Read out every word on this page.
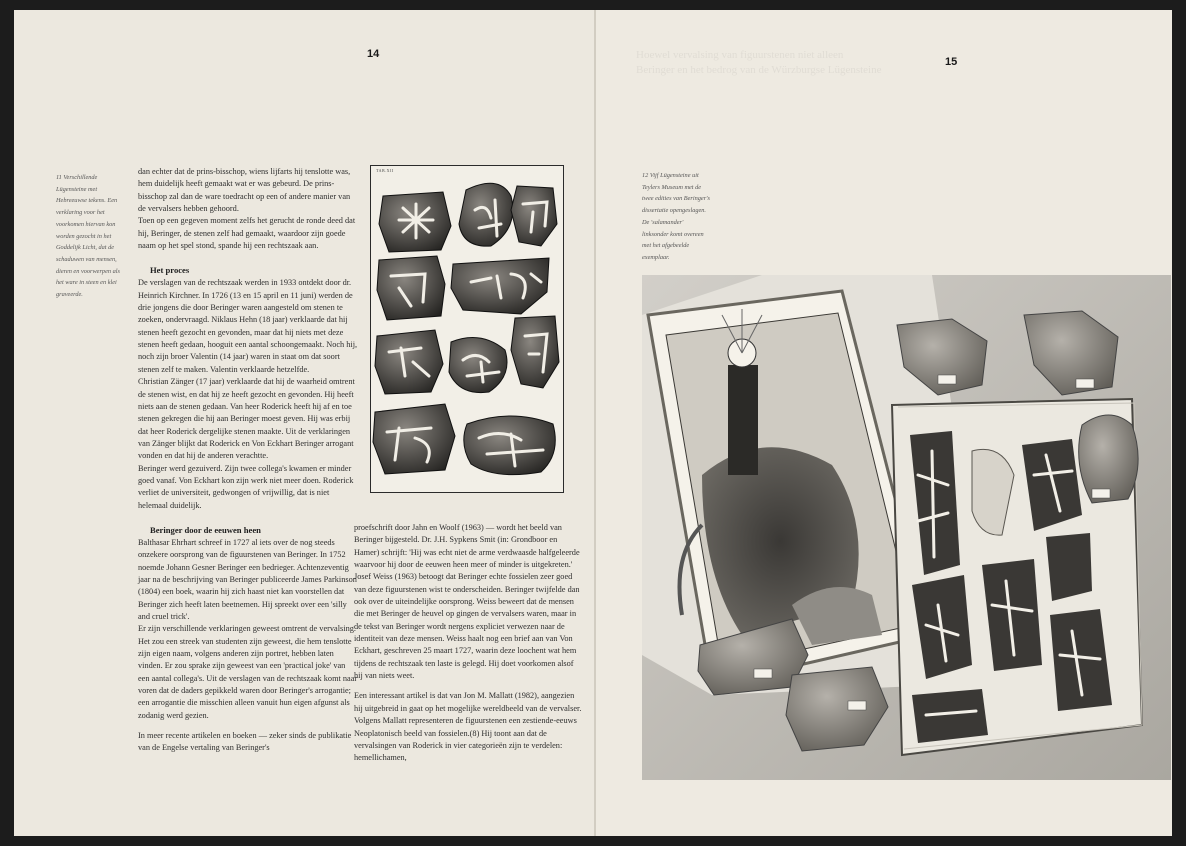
14

11 Verschillende Lügensteine met Hebreeuwse tekens. Een verklaring voor het voorkomen hiervan kon worden gezocht in het Goddelijk Licht, dat de schaduwen van mensen, dieren en voorwerpen als het ware in steen en klei graveerde.

dan echter dat de prins-bisschop, wiens lijfarts hij tenslotte was, hem duidelijk heeft gemaakt wat er was gebeurd. De prins-bisschop zal dan de ware toedracht op een of andere manier van de vervalsers hebben gehoord.

Toen op een gegeven moment zelfs het gerucht de ronde deed dat hij, Beringer, de stenen zelf had gemaakt, waardoor zijn goede naam op het spel stond, spande hij een rechtszaak aan.

Het proces

De verslagen van de rechtszaak werden in 1933 ontdekt door dr. Heinrich Kirchner. In 1726 (13 en 15 april en 11 juni) werden de drie jongens die door Beringer waren aangesteld om stenen te zoeken, ondervraagd. Niklaus Hehn (18 jaar) verklaarde dat hij stenen heeft gezocht en gevonden, maar dat hij niets met deze stenen heeft gedaan, hooguit een aantal schoongemaakt. Noch hij, noch zijn broer Valentin (14 jaar) waren in staat om dat soort stenen zelf te maken. Valentin verklaarde hetzelfde.

Christian Zänger (17 jaar) verklaarde dat hij de waarheid omtrent de stenen wist, en dat hij ze heeft gezocht en gevonden. Hij heeft niets aan de stenen gedaan. Van heer Roderick heeft hij af en toe stenen gekregen die hij aan Beringer moest geven. Hij was erbij dat heer Roderick dergelijke stenen maakte. Uit de verklaringen van Zänger blijkt dat Roderick en Von Eckhart Beringer arrogant vonden en dat hij de anderen verachtte.

Beringer werd gezuiverd. Zijn twee collega's kwamen er minder goed vanaf. Von Eckhart kon zijn werk niet meer doen. Roderick verliet de universiteit, gedwongen of vrijwillig, dat is niet helemaal duidelijk.

Beringer door de eeuwen heen

Balthasar Ehrhart schreef in 1727 al iets over de nog steeds onzekere oorsprong van de figuurstenen van Beringer. In 1752 noemde Johann Gesner Beringer een bedrieger. Achtenzeventig jaar na de beschrijving van Beringer publiceerde James Parkinson (1804) een boek, waarin hij zich haast niet kan voorstellen dat Beringer zich heeft laten beetnemen. Hij spreekt over een 'silly and cruel trick'.

Er zijn verschillende verklaringen geweest omtrent de vervalsing. Het zou een streek van studenten zijn geweest, die hem tenslotte zijn eigen naam, volgens anderen zijn portret, hebben laten vinden. Er zou sprake zijn geweest van een 'practical joke' van een aantal collega's. Uit de verslagen van de rechtszaak komt naar voren dat de daders gepikkeld waren door Beringer's arrogantie; een arrogantie die misschien alleen vanuit hun eigen afgunst als zodanig werd gezien.

In meer recente artikelen en boeken — zeker sinds de publikatie van de Engelse vertaling van Beringer's

TAB.XII

proefschrift door Jahn en Woolf (1963) — wordt het beeld van Beringer bijgesteld. Dr. J.H. Sypkens Smit (in: Grondboor en Hamer) schrijft: 'Hij was echt niet de arme verdwaasde halfgeleerde waarvoor hij door de eeuwen heen meer of minder is uitgekreten.'

Josef Weiss (1963) betoogt dat Beringer echte fossielen zeer goed van deze figuurstenen wist te onderscheiden. Beringer twijfelde dan ook over de uiteindelijke oorsprong. Weiss beweert dat de mensen die met Beringer de heuvel op gingen de vervalsers waren, maar in de tekst van Beringer wordt nergens expliciet verwezen naar de identiteit van deze mensen. Weiss haalt nog een brief aan van Von Eckhart, geschreven 25 maart 1727, waarin deze loochent wat hem tijdens de rechtszaak ten laste is gelegd. Hij doet voorkomen alsof hij van niets weet.

Een interessant artikel is dat van Jon M. Mallatt (1982), aangezien hij uitgebreid in gaat op het mogelijke wereldbeeld van de vervalser. Volgens Mallatt representeren de figuurstenen een zestiende-eeuws Neoplatonisch beeld van fossielen.(8) Hij toont aan dat de vervalsingen van Roderick in vier categorieën zijn te verdelen: hemellichamen,

Hoewel vervalsing van figuurstenen niet alleen
Beringer en het bedrog van de Würzburgse Lügensteine
15

12 Vijf Lügensteine uit Teylers Museum met de twee edities van Beringer's dissertatie opengeslagen. De 'salamander' linksonder komt overeen met het afgebeelde exemplaar.
